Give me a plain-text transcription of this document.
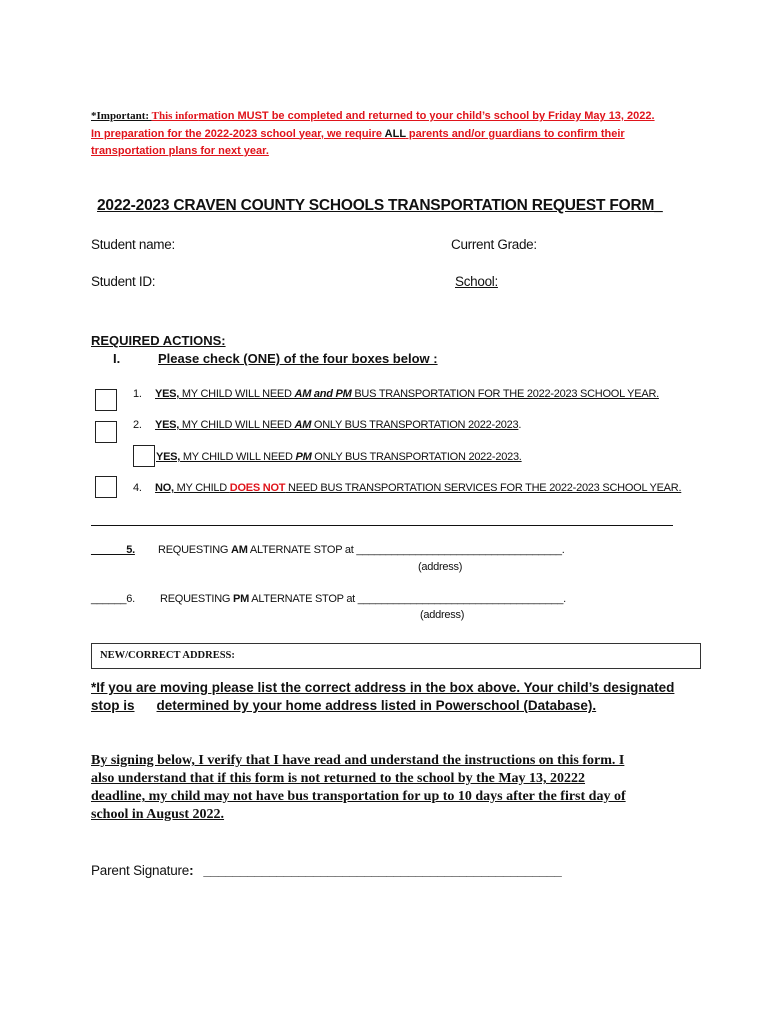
*Important: This information MUST be completed and returned to your child’s school by Friday May 13, 2022.
In preparation for the 2022-2023 school year, we require ALL parents and/or guardians to confirm their
transportation plans for next year.
2022-2023 CRAVEN COUNTY SCHOOLS TRANSPORTATION REQUEST FORM_
Student name:	Current Grade:
Student ID:	School:
REQUIRED ACTIONS:
I.	Please check (ONE) of the four boxes below :
1. YES, MY CHILD WILL NEED AM and PM BUS TRANSPORTATION FOR THE 2022-2023 SCHOOL YEAR.
2. YES, MY CHILD WILL NEED AM ONLY BUS TRANSPORTATION 2022-2023.
YES, MY CHILD WILL NEED PM ONLY BUS TRANSPORTATION 2022-2023.
4. NO, MY CHILD DOES NOT NEED BUS TRANSPORTATION SERVICES FOR THE 2022-2023 SCHOOL YEAR.
______5. REQUESTING AM ALTERNATE STOP at ___________________________________.
(address)
______6. REQUESTING PM ALTERNATE STOP at ___________________________________.
(address)
NEW/CORRECT ADDRESS:
*If you are moving please list the correct address in the box above. Your child’s designated
stop is determined by your home address listed in Powerschool (Database).
By signing below, I verify that I have read and understand the instructions on this form. I
also understand that if this form is not returned to the school by the May 13, 20222
deadline, my child may not have bus transportation for up to 10 days after the first day of
school in August 2022.
Parent Signature: _________________________________________________
